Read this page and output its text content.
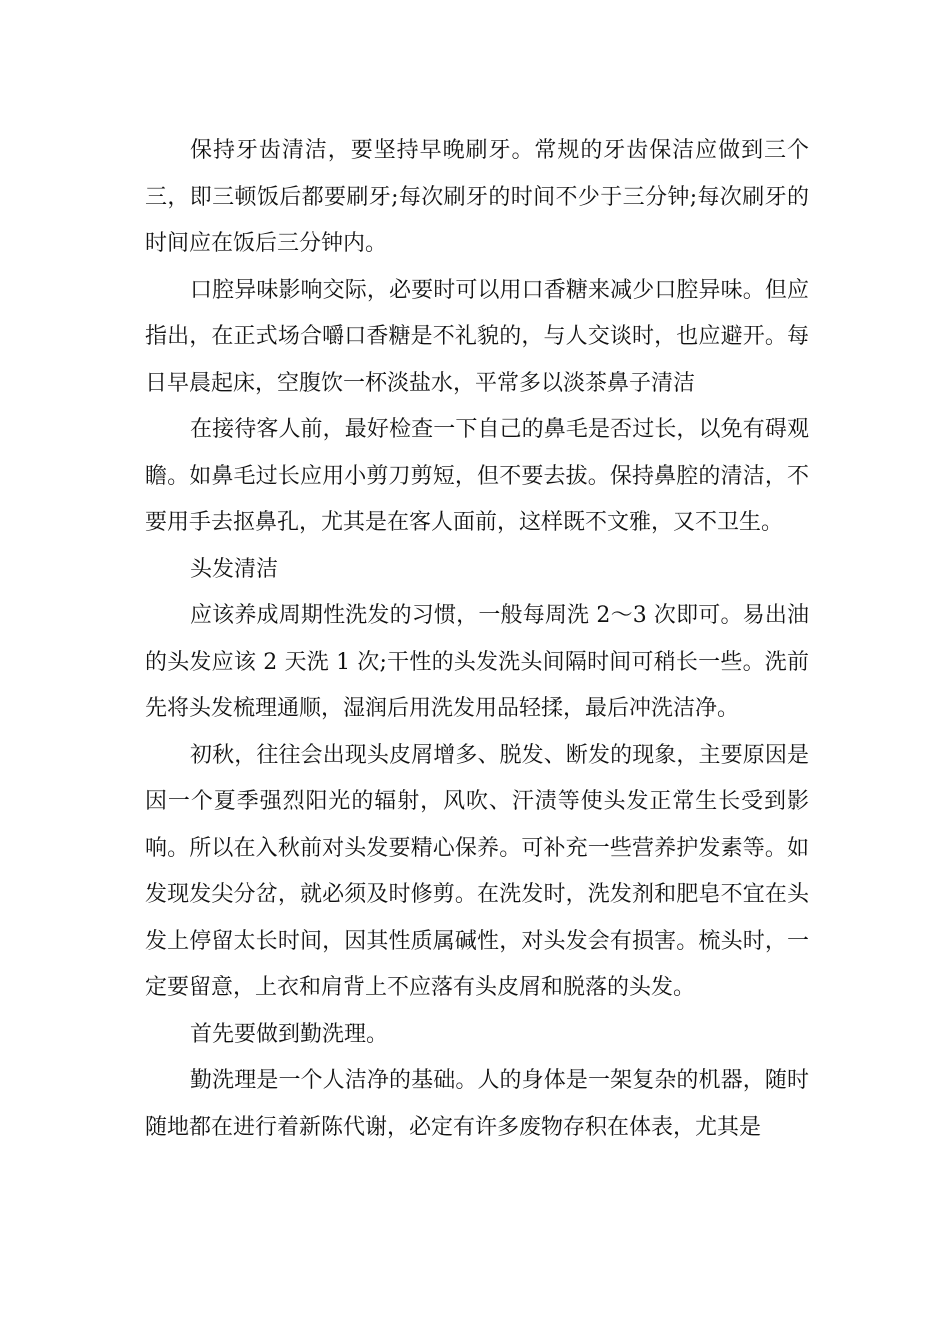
保持牙齿清洁，要坚持早晚刷牙。常规的牙齿保洁应做到三个三，即三顿饭后都要刷牙;每次刷牙的时间不少于三分钟;每次刷牙的时间应在饭后三分钟内。

口腔异味影响交际，必要时可以用口香糖来减少口腔异味。但应指出，在正式场合嚼口香糖是不礼貌的，与人交谈时，也应避开。每日早晨起床，空腹饮一杯淡盐水，平常多以淡茶鼻子清洁

在接待客人前，最好检查一下自己的鼻毛是否过长，以免有碍观瞻。如鼻毛过长应用小剪刀剪短，但不要去拔。保持鼻腔的清洁，不要用手去抠鼻孔，尤其是在客人面前，这样既不文雅，又不卫生。

头发清洁

应该养成周期性洗发的习惯，一般每周洗 2～3 次即可。易出油的头发应该 2 天洗 1 次;干性的头发洗头间隔时间可稍长一些。洗前先将头发梳理通顺，湿润后用洗发用品轻揉，最后冲洗洁净。

初秋，往往会出现头皮屑增多、脱发、断发的现象，主要原因是因一个夏季强烈阳光的辐射，风吹、汗渍等使头发正常生长受到影响。所以在入秋前对头发要精心保养。可补充一些营养护发素等。如发现发尖分岔，就必须及时修剪。在洗发时，洗发剂和肥皂不宜在头发上停留太长时间，因其性质属碱性，对头发会有损害。梳头时，一定要留意，上衣和肩背上不应落有头皮屑和脱落的头发。

首先要做到勤洗理。

勤洗理是一个人洁净的基础。人的身体是一架复杂的机器，随时随地都在进行着新陈代谢，必定有许多废物存积在体表，尤其是
